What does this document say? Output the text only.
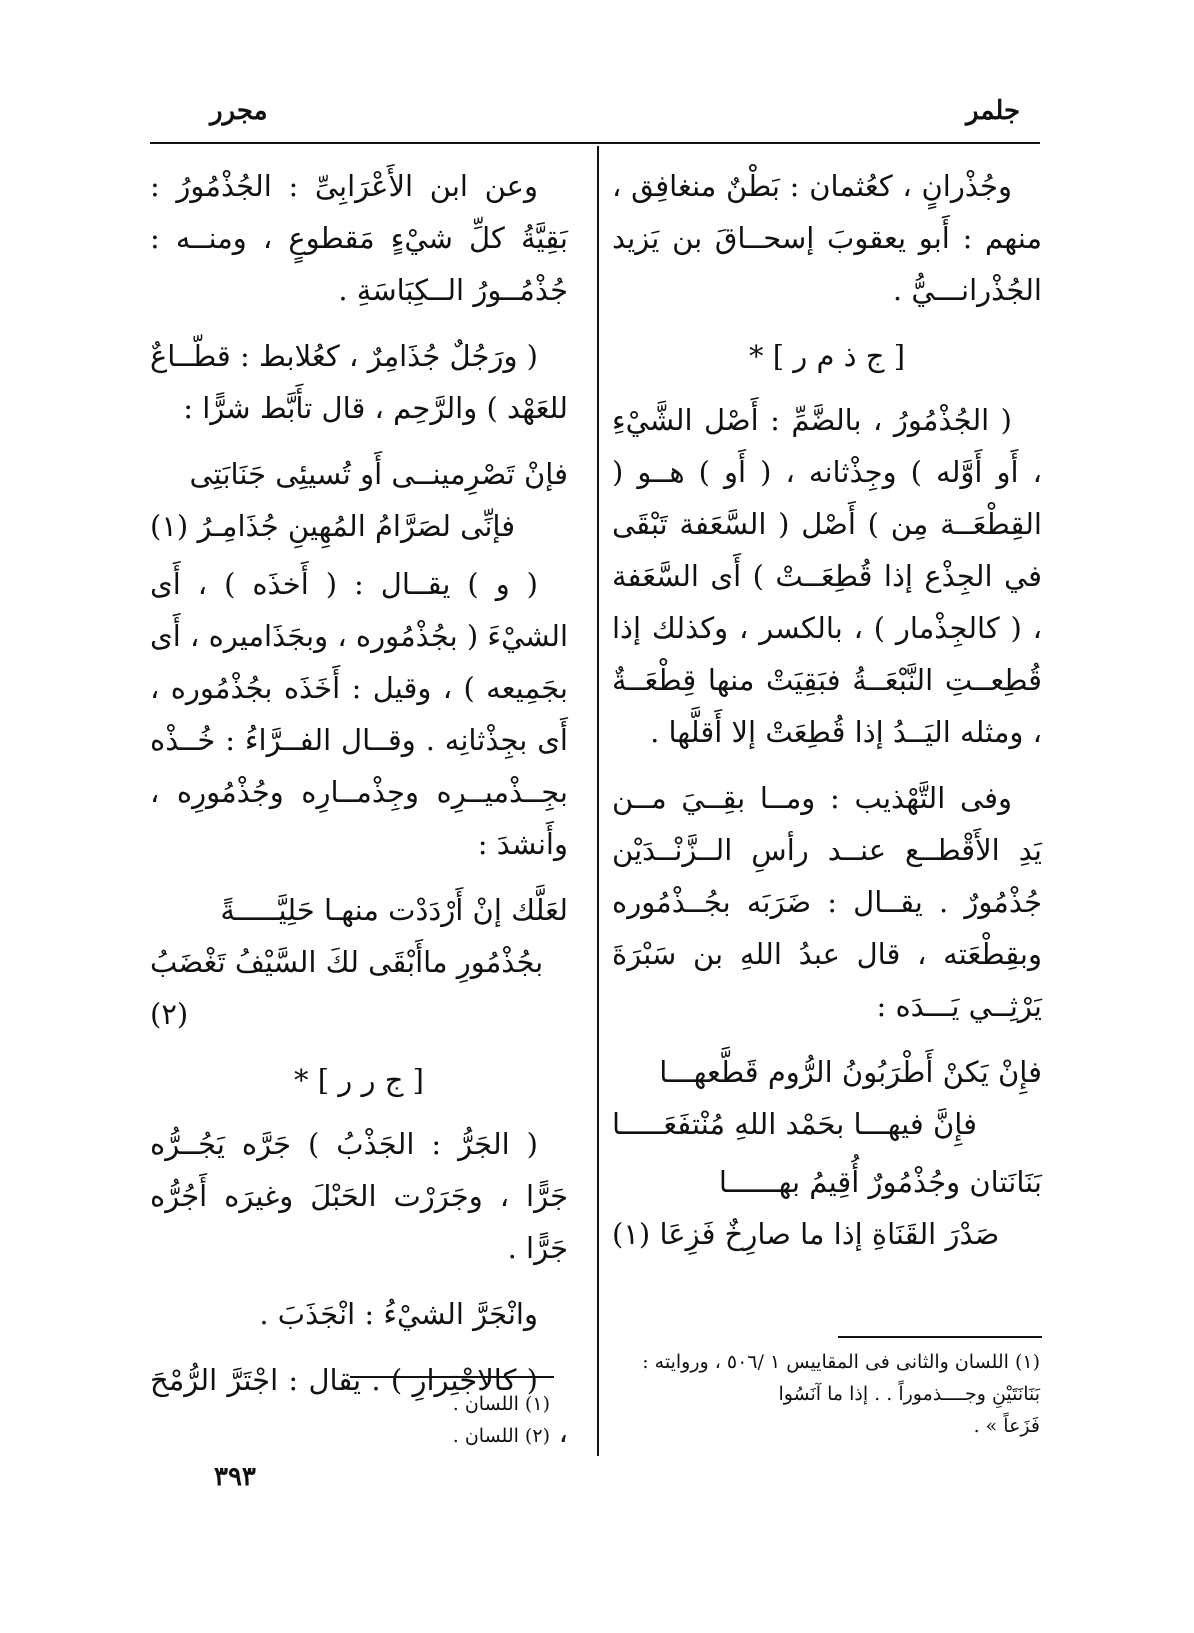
جلمر
مجرر

وجُذْرانٍ ، كعُثمان : بَطْنٌ منغافِق ، منهم : أَبو يعقوبَ إسحــاقَ بن يَزيد الجُذْرانـــيُّ .

[ ج ذ م ر ] *

( الجُذْمُورُ ، بالضَّمِّ : أَصْل الشَّيْءِ ، أَو أَوَّله ) وجِذْثانه ، ( أَو ) هــو ( القِطْعَــة مِن ) أَصْل ( السَّعَفة تَبْقَى في الجِذْع إذا قُطِعَــتْ ) أَى السَّعَفة ، ( كالجِذْمار ) ، بالكسر ، وكذلك إذا قُطِعــتِ النَّبْعَــةُ فبَقِيَتْ منها قِطْعَــةٌ ، ومثله اليَــدُ إذا قُطِعَتْ إلا أَقلَّها .

وفى التَّهْذيب : ومــا بقِــيَ مــن يَدِ الأَقْطــع عنــد رأسِ الــزَّنْــدَيْن جُذْمُورٌ . يقــال : ضَرَبَه بجُــذْمُوره وبقِطْعَته ، قال عبدُ اللهِ بن سَبْرَةَ يَرْثِــي يَـــدَه :

فإِنْ يَكنْ أَطْرَبُونُ الرُّوم قَطَّعهـــا
فإِنَّ فيهـــا بحَمْد اللهِ مُنْتفَعَـــــا
بَنَانَتان وجُذْمُورٌ أُقِيمُ بهــــــا
صَدْرَ القَنَاةِ إذا ما صارِخٌ فَزِعَا (١)

وعن ابن الأَعْرَابِىِّ : الجُذْمُورُ : بَقِيَّةُ كلِّ شيْءٍ مَقطوعٍ ، ومنــه : جُذْمُــورُ الــكِبَاسَةِ .

( ورَجُلٌ جُذَامِرٌ ، كعُلابط : قطّــاعٌ للعَهْد ) والرَّحِم ، قال تأَبَّط شرًّا :

فإنْ تَصْرِمينــى أَو تُسيئِى جَنَابَتِى
فإنِّى لصَرَّامُ المُهِينِ جُذَامِـرُ (١)

( و ) يقــال : ( أَخذَه ) ، أَى الشيْءَ ( بجُذْمُوره ، وبجَذَاميره ، أَى بجَمِيعه ) ، وقيل : أَخَذَه بجُذْمُوره ، أَى بجِذْثانِه . وقــال الفــرَّاءُ : خُــذْه بجِــذْميــرِه وجِذْمــارِه وجُذْمُورِه ، وأَنشدَ :

لعَلَّك إنْ أَرْدَدْت منهـا حَلِيَّـــــةً
بجُذْمُورِ ماأَبْقَى لكَ السَّيْفُ تَغْضَبُ (٢)
[ ج ر ر ] *

( الجَرُّ : الجَذْبُ ) جَرَّه يَجُــرُّه جَرًّا ، وجَرَرْت الحَبْلَ وغيرَه أَجُرُّه جَرًّا .

وانْجَرَّ الشيْءُ : انْجَذَبَ .

( كالاجْتِرارِ ) . يقال : اجْتَرَّ الرُّمْحَ ،

(١) اللسان والثانى فى المقاييس ١ /٥٠٦ ، وروايته :
بَنَانَتَيْنِ وجــــذموراً . . إذا ما آنَسُوا
فَزَعاً » .
(١) اللسان .
(٢) اللسان .
٣٩٣
